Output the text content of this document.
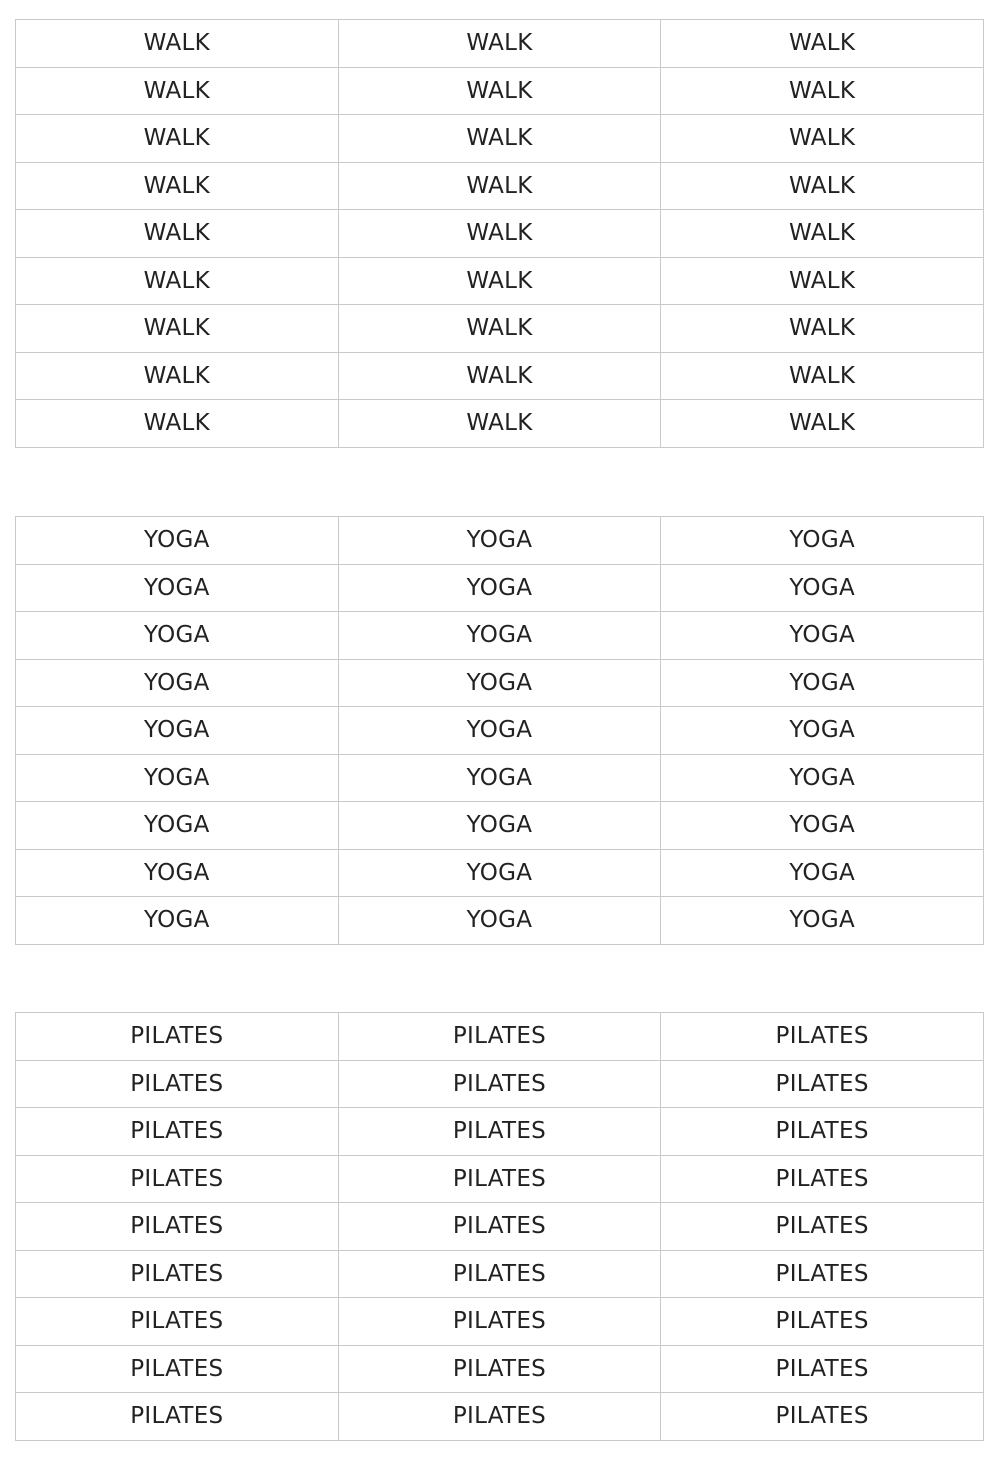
WALK	WALK	WALK
WALK	WALK	WALK
WALK	WALK	WALK
WALK	WALK	WALK
WALK	WALK	WALK
WALK	WALK	WALK
WALK	WALK	WALK
WALK	WALK	WALK
WALK	WALK	WALK
YOGA	YOGA	YOGA
YOGA	YOGA	YOGA
YOGA	YOGA	YOGA
YOGA	YOGA	YOGA
YOGA	YOGA	YOGA
YOGA	YOGA	YOGA
YOGA	YOGA	YOGA
YOGA	YOGA	YOGA
YOGA	YOGA	YOGA
PILATES	PILATES	PILATES
PILATES	PILATES	PILATES
PILATES	PILATES	PILATES
PILATES	PILATES	PILATES
PILATES	PILATES	PILATES
PILATES	PILATES	PILATES
PILATES	PILATES	PILATES
PILATES	PILATES	PILATES
PILATES	PILATES	PILATES
